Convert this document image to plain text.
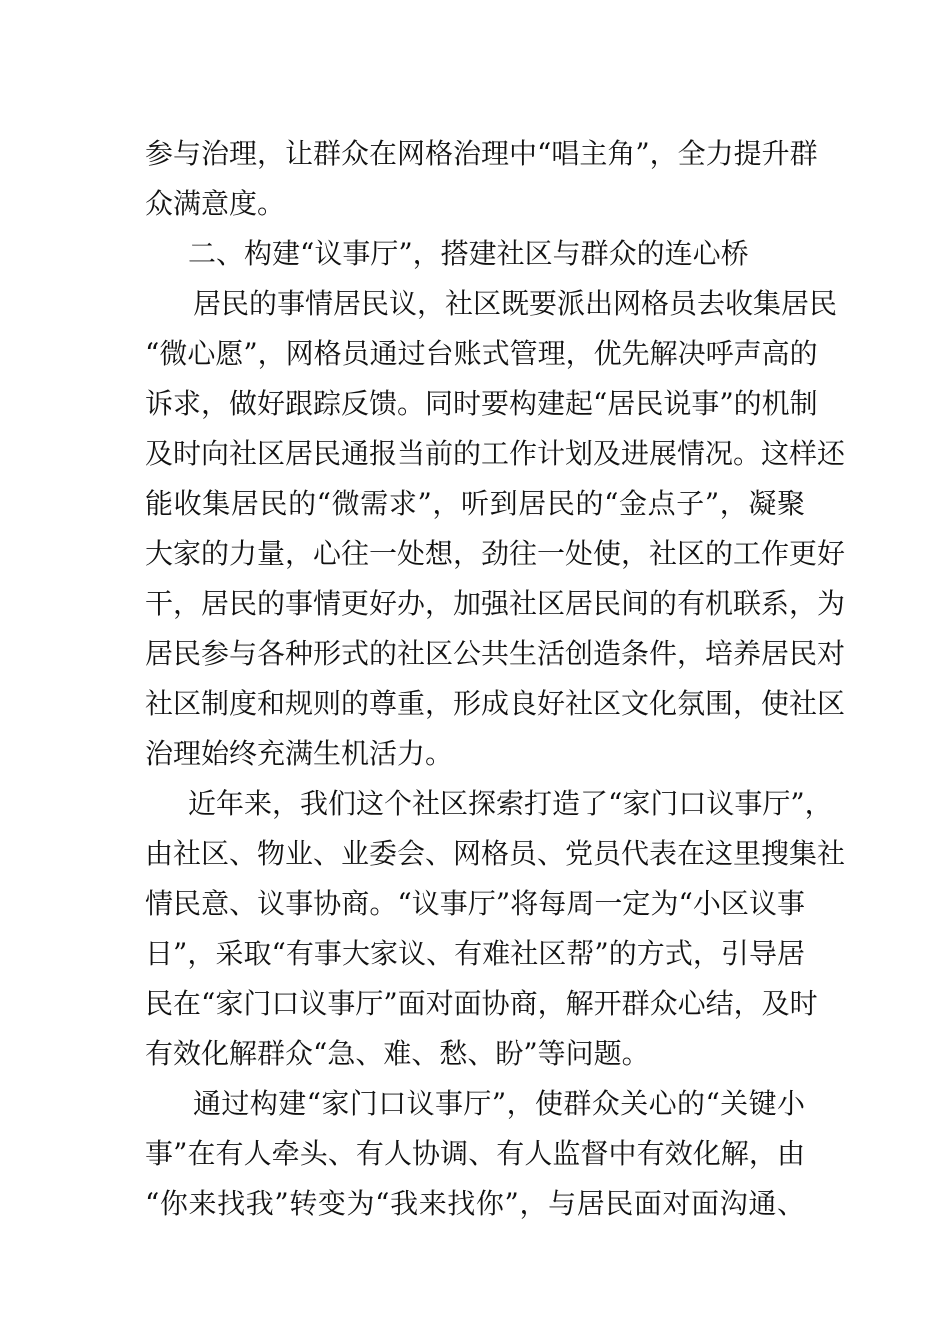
参与治理，让群众在网格治理中“唱主角”，全力提升群
众满意度。
二、构建“议事厅”，搭建社区与群众的连心桥
居民的事情居民议，社区既要派出网格员去收集居民
“微心愿”，网格员通过台账式管理，优先解决呼声高的
诉求，做好跟踪反馈。同时要构建起“居民说事”的机制
及时向社区居民通报当前的工作计划及进展情况。这样还
能收集居民的“微需求”，听到居民的“金点子”，凝聚
大家的力量，心往一处想，劲往一处使，社区的工作更好
干，居民的事情更好办，加强社区居民间的有机联系，为
居民参与各种形式的社区公共生活创造条件，培养居民对
社区制度和规则的尊重，形成良好社区文化氛围，使社区
治理始终充满生机活力。
近年来，我们这个社区探索打造了“家门口议事厅”，
由社区、物业、业委会、网格员、党员代表在这里搜集社
情民意、议事协商。“议事厅”将每周一定为“小区议事
日”，采取“有事大家议、有难社区帮”的方式，引导居
民在“家门口议事厅”面对面协商，解开群众心结，及时
有效化解群众“急、难、愁、盼”等问题。
通过构建“家门口议事厅”，使群众关心的“关键小
事”在有人牵头、有人协调、有人监督中有效化解，由
“你来找我”转变为“我来找你”，与居民面对面沟通、
